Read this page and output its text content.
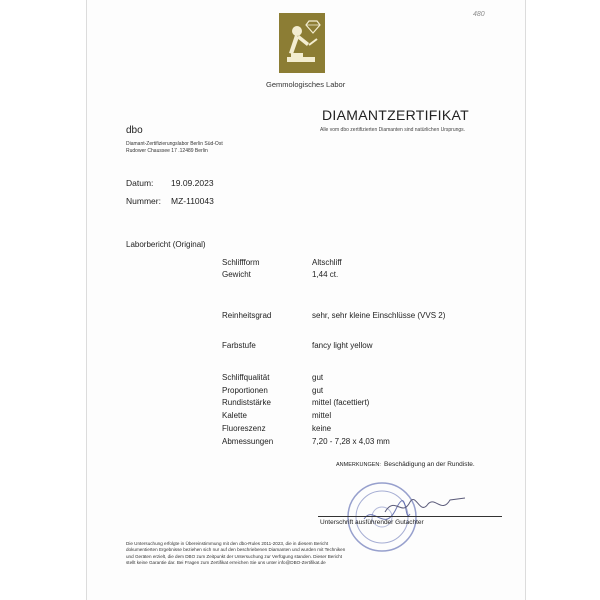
Gemmologisches Labor
480
DIAMANTZERTIFIKAT
Alle vom dbo zertifizierten Diamanten sind natürlichen Ursprungs.
dbo
Diamant-Zertifizierungslabor Berlin Süd-Ost
Rudower Chaussee 17 .12489 Berlin
Datum: 19.09.2023
Nummer: MZ-110043
Laborbericht (Original)
Schliffform	Altschliff
Gewicht	1,44 ct.
Reinheitsgrad	sehr, sehr kleine Einschlüsse (VVS 2)
Farbstufe	fancy light yellow
Schliffqualität	gut
Proportionen	gut
Rundiststärke	mittel (facettiert)
Kalette	mittel
Fluoreszenz	keine
Abmessungen	7,20 - 7,28 x 4,03 mm
ANMERKUNGEN: Beschädigung an der Rundiste.
Unterschrift ausführender Gutachter
Die Untersuchung erfolgte in Übereinstimmung mit den dbo-Rules 2011-2023, die in diesem Bericht
dokumentierten Ergebnisse beziehen sich nur auf den beschriebenen Diamanten und wurden mit Techniken
und Geräten erzielt, die dem DBO zum Zeitpunkt der Untersuchung zur Verfügung standen. Dieser Bericht
stellt keine Garantie dar. Bei Fragen zum Zertifikat erreichen Sie uns unter info@DBO-Zertifikat.de
